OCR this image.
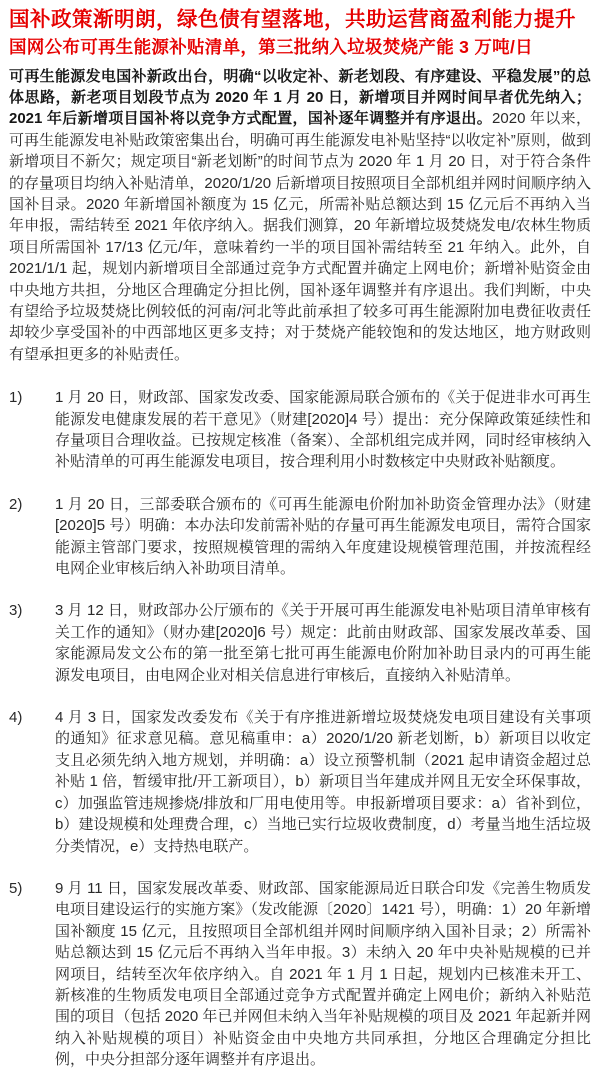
国补政策渐明朗，绿色债有望落地，共助运营商盈利能力提升
国网公布可再生能源补贴清单，第三批纳入垃圾焚烧产能 3 万吨/日

可再生能源发电国补新政出台，明确“以收定补、新老划段、有序建设、平稳发展”的总体思路，新老项目划段节点为 2020 年 1 月 20 日，新增项目并网时间早者优先纳入；2021 年后新增项目国补将以竞争方式配置，国补逐年调整并有序退出。2020 年以来，可再生能源发电补贴政策密集出台，明确可再生能源发电补贴坚持“以收定补”原则，做到新增项目不新欠；规定项目“新老划断”的时间节点为 2020 年 1 月 20 日，对于符合条件的存量项目均纳入补贴清单，2020/1/20 后新增项目按照项目全部机组并网时间顺序纳入国补目录。2020 年新增国补额度为 15 亿元，所需补贴总额达到 15 亿元后不再纳入当年申报，需结转至 2021 年依序纳入。据我们测算，20 年新增垃圾焚烧发电/农林生物质项目所需国补 17/13 亿元/年，意味着约一半的项目国补需结转至 21 年纳入。此外，自 2021/1/1 起，规划内新增项目全部通过竞争方式配置并确定上网电价；新增补贴资金由中央地方共担，分地区合理确定分担比例，国补逐年调整并有序退出。我们判断，中央有望给予垃圾焚烧比例较低的河南/河北等此前承担了较多可再生能源附加电费征收责任却较少享受国补的中西部地区更多支持；对于焚烧产能较饱和的发达地区，地方财政则有望承担更多的补贴责任。

1)	1 月 20 日，财政部、国家发改委、国家能源局联合颁布的《关于促进非水可再生能源发电健康发展的若干意见》（财建[2020]4 号）提出：充分保障政策延续性和存量项目合理收益。已按规定核准（备案）、全部机组完成并网，同时经审核纳入补贴清单的可再生能源发电项目，按合理利用小时数核定中央财政补贴额度。
2)	1 月 20 日，三部委联合颁布的《可再生能源电价附加补助资金管理办法》（财建[2020]5 号）明确：本办法印发前需补贴的存量可再生能源发电项目，需符合国家能源主管部门要求，按照规模管理的需纳入年度建设规模管理范围，并按流程经电网企业审核后纳入补助项目清单。
3)	3 月 12 日，财政部办公厅颁布的《关于开展可再生能源发电补贴项目清单审核有关工作的通知》（财办建[2020]6 号）规定：此前由财政部、国家发展改革委、国家能源局发文公布的第一批至第七批可再生能源电价附加补助目录内的可再生能源发电项目，由电网企业对相关信息进行审核后，直接纳入补贴清单。
4)	4 月 3 日，国家发改委发布《关于有序推进新增垃圾焚烧发电项目建设有关事项的通知》征求意见稿。意见稿重申：a）2020/1/20 新老划断，b）新项目以收定支且必须先纳入地方规划，并明确：a）设立预警机制（2021 起申请资金超过总补贴 1 倍，暂缓审批/开工新项目），b）新项目当年建成并网且无安全环保事故，c）加强监管违规掺烧/排放和厂用电使用等。申报新增项目要求：a）省补到位，b）建设规模和处理费合理，c）当地已实行垃圾收费制度，d）考量当地生活垃圾分类情况，e）支持热电联产。
5)	9 月 11 日，国家发展改革委、财政部、国家能源局近日联合印发《完善生物质发电项目建设运行的实施方案》（发改能源〔2020〕1421 号），明确：1）20 年新增国补额度 15 亿元，且按照项目全部机组并网时间顺序纳入国补目录；2）所需补贴总额达到 15 亿元后不再纳入当年申报。3）未纳入 20 年中央补贴规模的已并网项目，结转至次年依序纳入。自 2021 年 1 月 1 日起，规划内已核准未开工、新核准的生物质发电项目全部通过竞争方式配置并确定上网电价；新纳入补贴范围的项目（包括 2020 年已并网但未纳入当年补贴规模的项目及 2021 年起新并网纳入补贴规模的项目）补贴资金由中央地方共同承担，分地区合理确定分担比例，中央分担部分逐年调整并有序退出。
